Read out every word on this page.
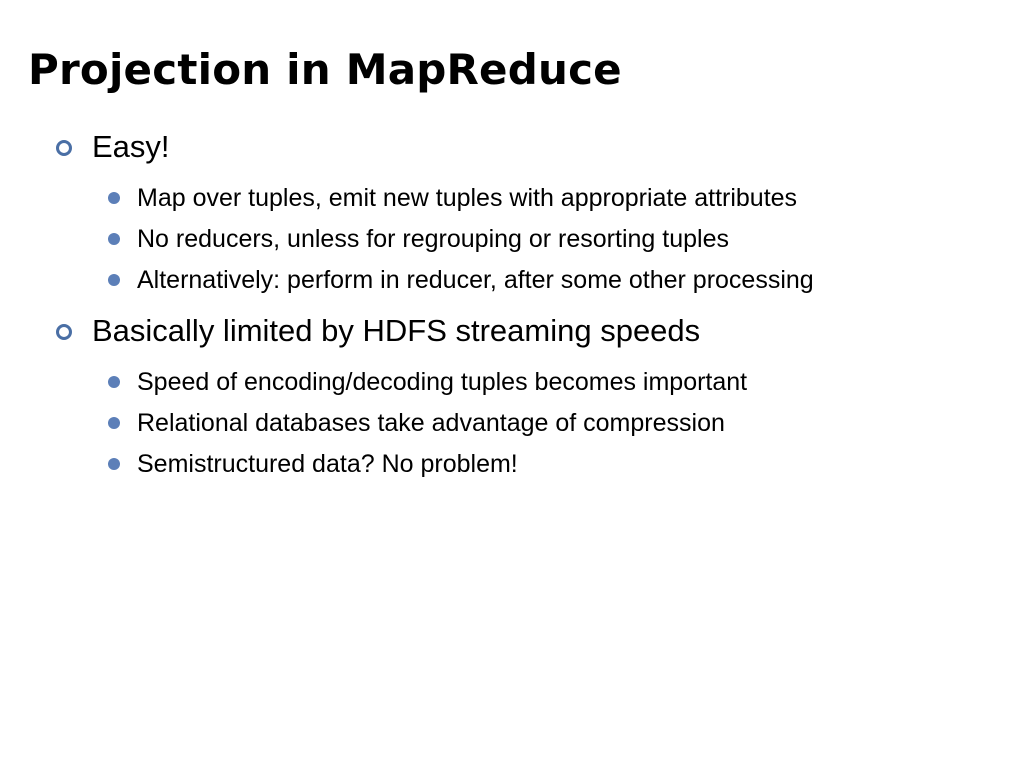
Projection in MapReduce
Easy!
Map over tuples, emit new tuples with appropriate attributes
No reducers, unless for regrouping or resorting tuples
Alternatively: perform in reducer, after some other processing
Basically limited by HDFS streaming speeds
Speed of encoding/decoding tuples becomes important
Relational databases take advantage of compression
Semistructured data? No problem!
